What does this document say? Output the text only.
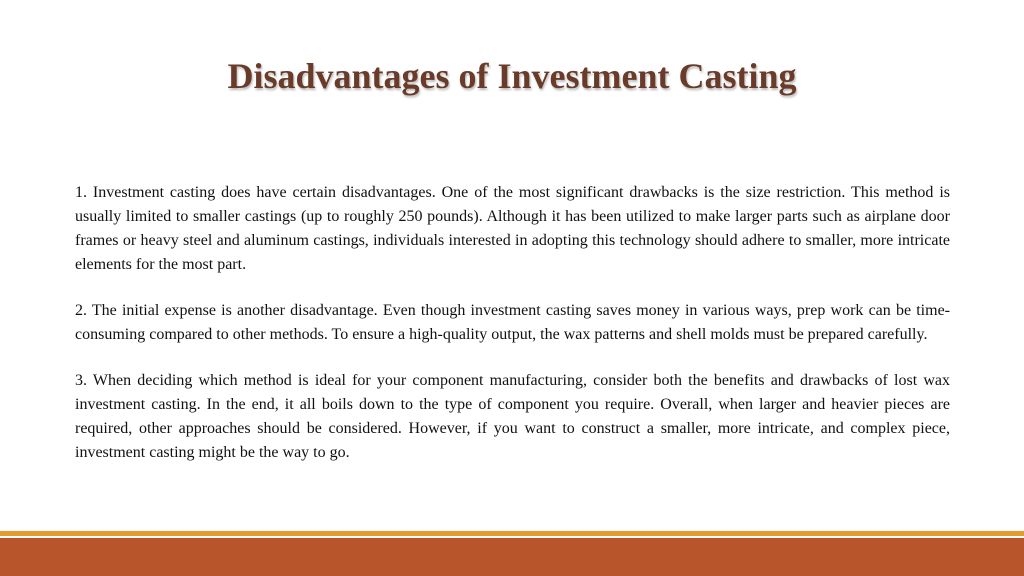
Disadvantages of Investment Casting

1. Investment casting does have certain disadvantages. One of the most significant drawbacks is the size restriction. This method is usually limited to smaller castings (up to roughly 250 pounds). Although it has been utilized to make larger parts such as airplane door frames or heavy steel and aluminum castings, individuals interested in adopting this technology should adhere to smaller, more intricate elements for the most part.

2. The initial expense is another disadvantage. Even though investment casting saves money in various ways, prep work can be time-consuming compared to other methods. To ensure a high-quality output, the wax patterns and shell molds must be prepared carefully.

3. When deciding which method is ideal for your component manufacturing, consider both the benefits and drawbacks of lost wax investment casting. In the end, it all boils down to the type of component you require. Overall, when larger and heavier pieces are required, other approaches should be considered. However, if you want to construct a smaller, more intricate, and complex piece, investment casting might be the way to go.
